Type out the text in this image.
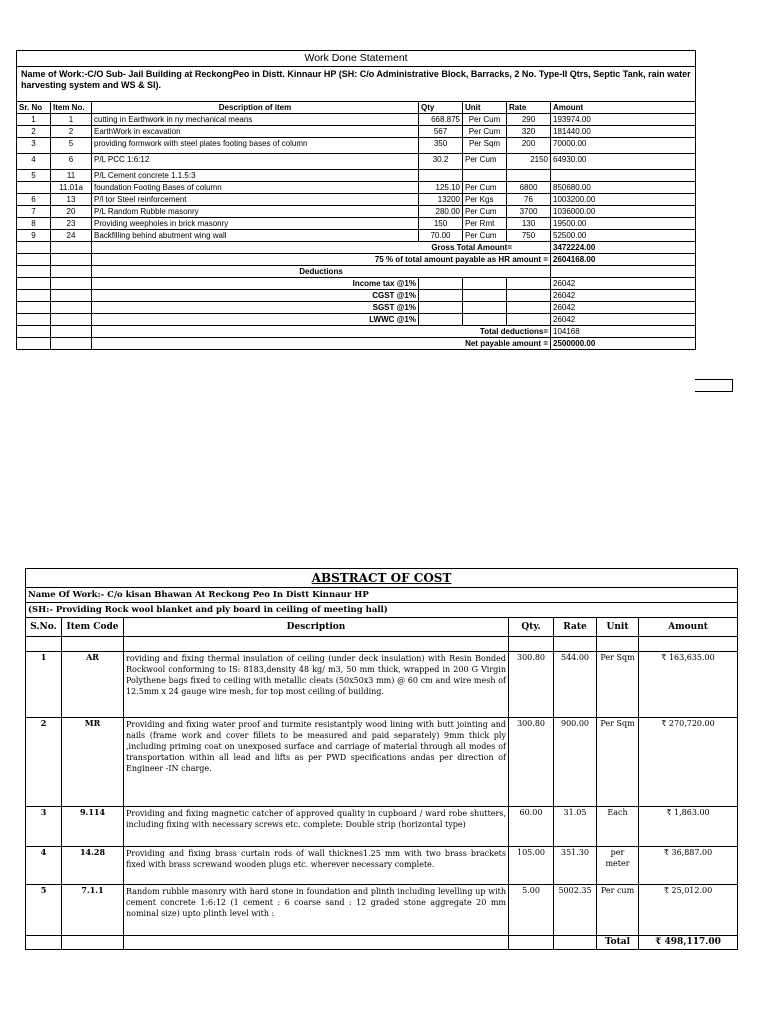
Work Done Statement						
Name of Work:-C/O Sub- Jail Building at ReckongPeo in Distt. Kinnaur HP (SH: C/o Administrative Block, Barracks, 2 No. Type-II Qtrs, Septic Tank, rain water harvesting system and WS & SI).						
Sr. No	Item No.	Description of item	Qty	Unit	Rate	Amount
1	1	cutting in Earthwork in ny mechanical means	668.875	Per Cum	290	193974.00
2	2	EarthWork in excavation	567	Per Cum	320	181440.00
3	5	providing formwork with steel plates footing bases of column	350	Per Sqm	200	70000.00
4	6	P/L PCC 1:6:12	30.2	Per Cum	2150	64930.00
5	11	P/L Cement concrete 1.1.5:3				
	11.01a	foundation Footing Bases of column	125.10	Per Cum	6800	850680.00
6	13	P/l tor Steel reinforcement	13200	Per Kgs	76	1003200.00
7	20	P/L Random Rubble masonry	280.00	Per Cum	3700	1036000.00
8	23	Providing weepholes in brick masonry	150	Per Rmt	130	19500.00
9	24	Backfilling behind abutment wing wall	70.00	Per Cum	750	52500.00
		Gross Total Amount=				3472224.00
		75 % of total amount payable as HR amount =				2604168.00
		Deductions				
		Income tax @1%				26042
		CGST @1%				26042
		SGST @1%				26042
		LWWC @1%				26042
		Total deductions=				104168
		Net payable amount =				2500000.00
ABSTRACT OF COST						
Name Of Work:- C/o kisan Bhawan At Reckong Peo In Distt Kinnaur HP						
(SH:- Providing Rock wool blanket and ply board in ceiling of meeting hall)						
S.No.	Item Code	Description	Qty.	Rate	Unit	Amount

1	AR	roviding and fixing thermal insulation of ceiling (under deck insulation) with Resin Bonded Rockwool conforming to IS: 8183,density 48 kg/ m3, 50 mm thick, wrapped in 200 G Virgin Polythene bags fixed to ceiling with metallic cleats (50x50x3 mm) @ 60 cm and wire mesh of 12.5mm x 24 gauge wire mesh, for top most ceiling of building.	300.80	544.00	Per Sqm	₹ 163,635.00
2	MR	Providing and fixing water proof and turmite resistantply wood lining with butt jointing and nails (frame work and cover fillets to be measured and paid separately) 9mm thick ply ,including priming coat on unexposed surface and carriage of material through all modes of transportation within all lead and lifts as per PWD specifications andas per direction of Engineer -IN charge.	300.80	900.00	Per Sqm	₹ 270,720.00
3	9.114	Providing and fixing magnetic catcher of approved quality in cupboard / ward robe shutters, including fixing with necessary screws etc. complete: Double strip (horizontal type)	60.00	31.05	Each	₹ 1,863.00
4	14.28	Providing and fixing brass curtain rods of wall thicknes1.25 mm with two brass brackets fixed with brass screwand wooden plugs etc. wherever necessary complete.	105.00	351.30	per meter	₹ 36,887.00
5	7.1.1	Random rubble masonry with hard stone in foundation and plinth including levelling up with cement concrete 1:6:12 (1 cement : 6 coarse sand : 12 graded stone aggregate 20 mm nominal size) upto plinth level with :	5.00	5002.35	Per cum	₹ 25,012.00
					Total	₹ 498,117.00
